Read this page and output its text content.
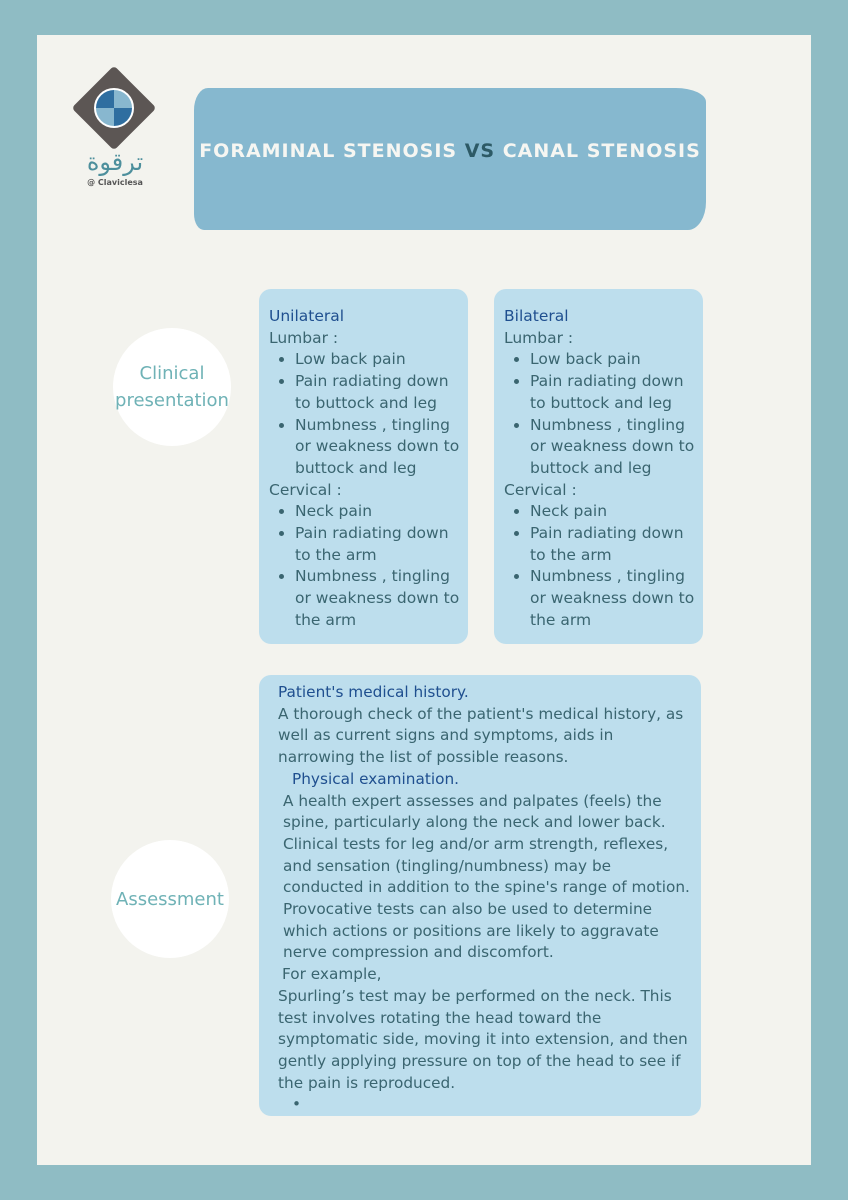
ترقوة
@ Claviclesa
FORAMINAL STENOSIS VS CANAL STENOSIS
Clinical
presentation
Unilateral
Lumbar :
• Low back pain
• Pain radiating down to buttock and leg
• Numbness , tingling or weakness down to buttock and leg
Cervical :
• Neck pain
• Pain radiating down to the arm
• Numbness , tingling or weakness down to the arm
Bilateral
Lumbar :
• Low back pain
• Pain radiating down to buttock and leg
• Numbness , tingling or weakness down to buttock and leg
Cervical :
• Neck pain
• Pain radiating down to the arm
• Numbness , tingling or weakness down to the arm
Assessment

Patient's medical history.

A thorough check of the patient's medical history, as well as current signs and symptoms, aids in narrowing the list of possible reasons.

Physical examination.

A health expert assesses and palpates (feels) the spine, particularly along the neck and lower back. Clinical tests for leg and/or arm strength, reflexes, and sensation (tingling/numbness) may be conducted in addition to the spine's range of motion. Provocative tests can also be used to determine which actions or positions are likely to aggravate nerve compression and discomfort.

For example,

Spurling’s test may be performed on the neck. This test involves rotating the head toward the symptomatic side, moving it into extension, and then gently applying pressure on top of the head to see if the pain is reproduced.

•
